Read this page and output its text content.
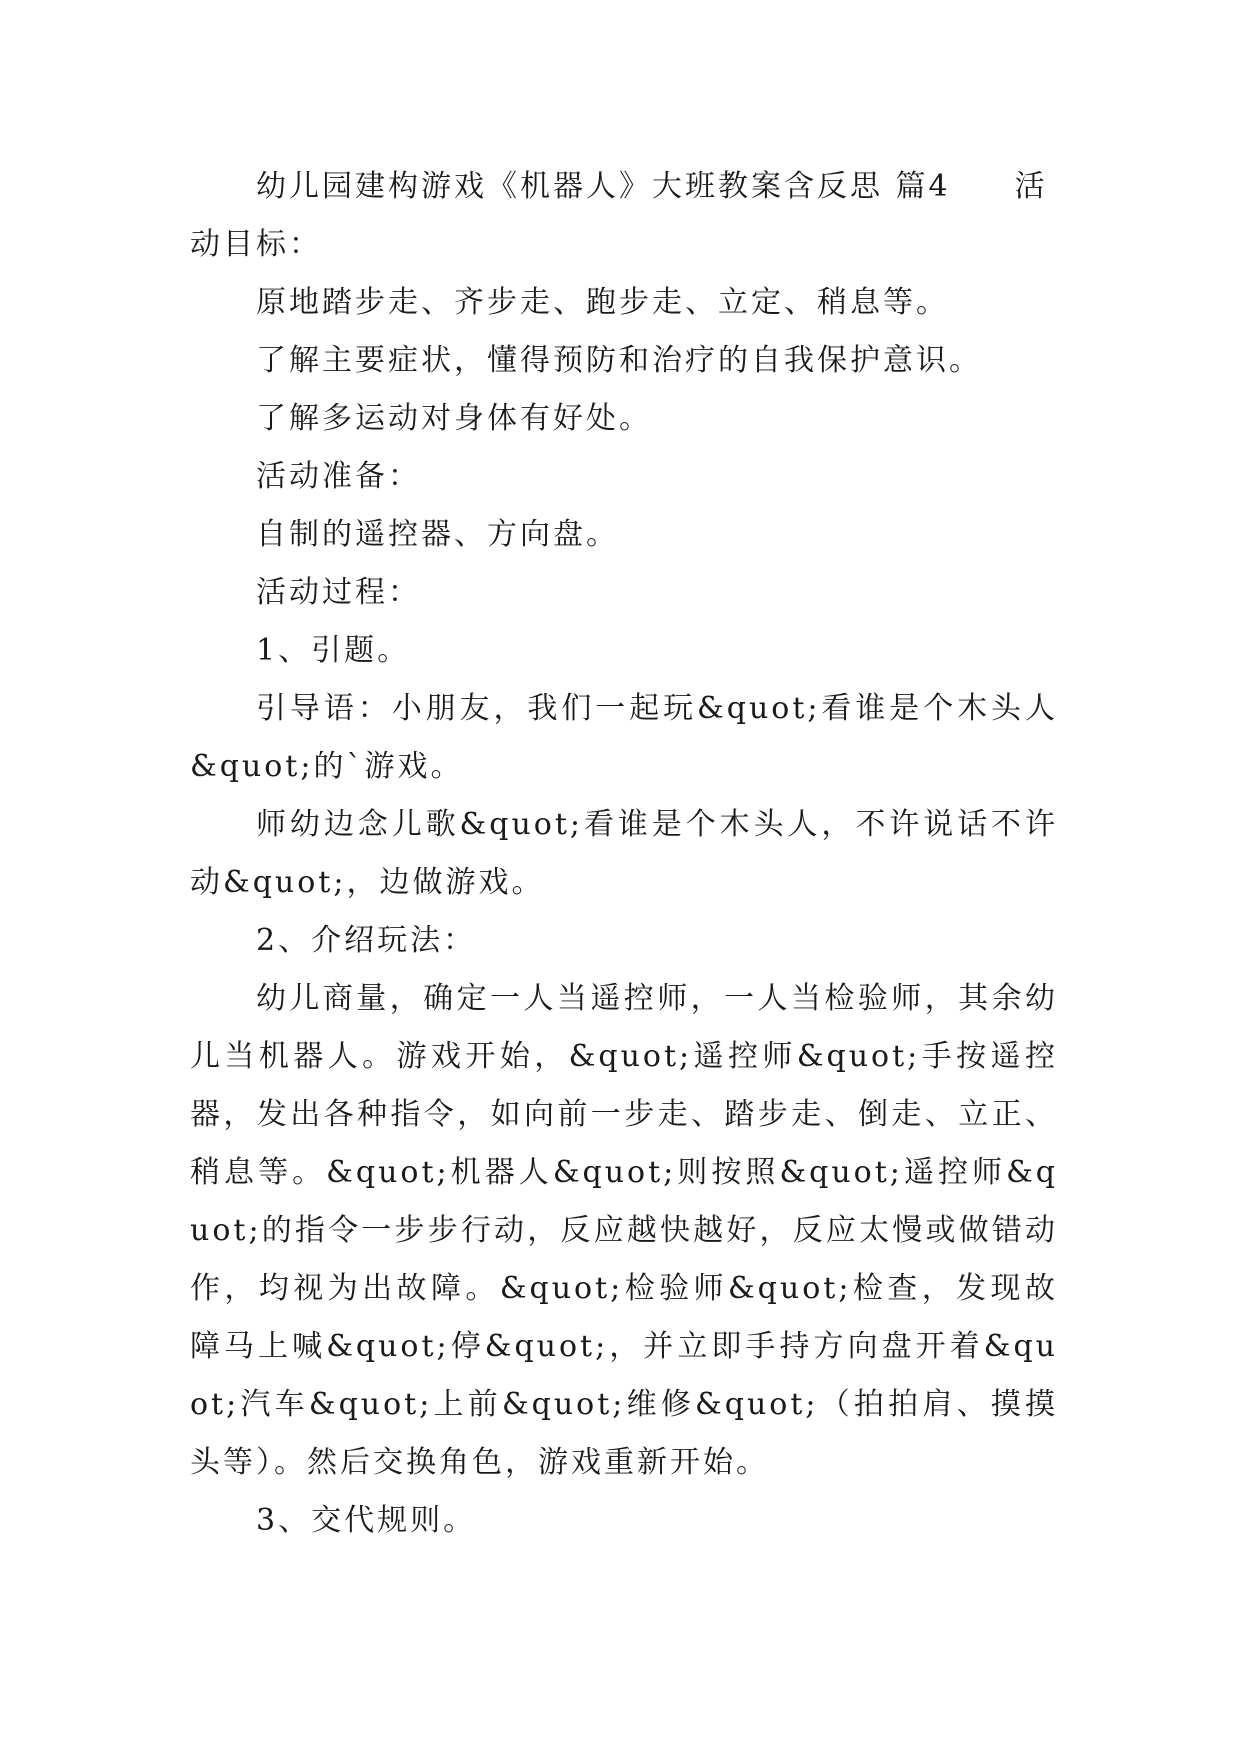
幼儿园建构游戏《机器人》大班教案含反思 篇4 活动目标：

原地踏步走、齐步走、跑步走、立定、稍息等。

了解主要症状，懂得预防和治疗的自我保护意识。

了解多运动对身体有好处。

活动准备：

自制的遥控器、方向盘。

活动过程：

1、引题。

引导语：小朋友，我们一起玩&quot;看谁是个木头人&quot;的`游戏。

师幼边念儿歌&quot;看谁是个木头人，不许说话不许动&quot;，边做游戏。

2、介绍玩法：

幼儿商量，确定一人当遥控师，一人当检验师，其余幼儿当机器人。游戏开始，&quot;遥控师&quot;手按遥控器，发出各种指令，如向前一步走、踏步走、倒走、立正、稍息等。&quot;机器人&quot;则按照&quot;遥控师&quot;的指令一步步行动，反应越快越好，反应太慢或做错动作，均视为出故障。&quot;检验师&quot;检查，发现故障马上喊&quot;停&quot;，并立即手持方向盘开着&quot;汽车&quot;上前&quot;维修&quot;（拍拍肩、摸摸头等）。然后交换角色，游戏重新开始。

3、交代规则。
